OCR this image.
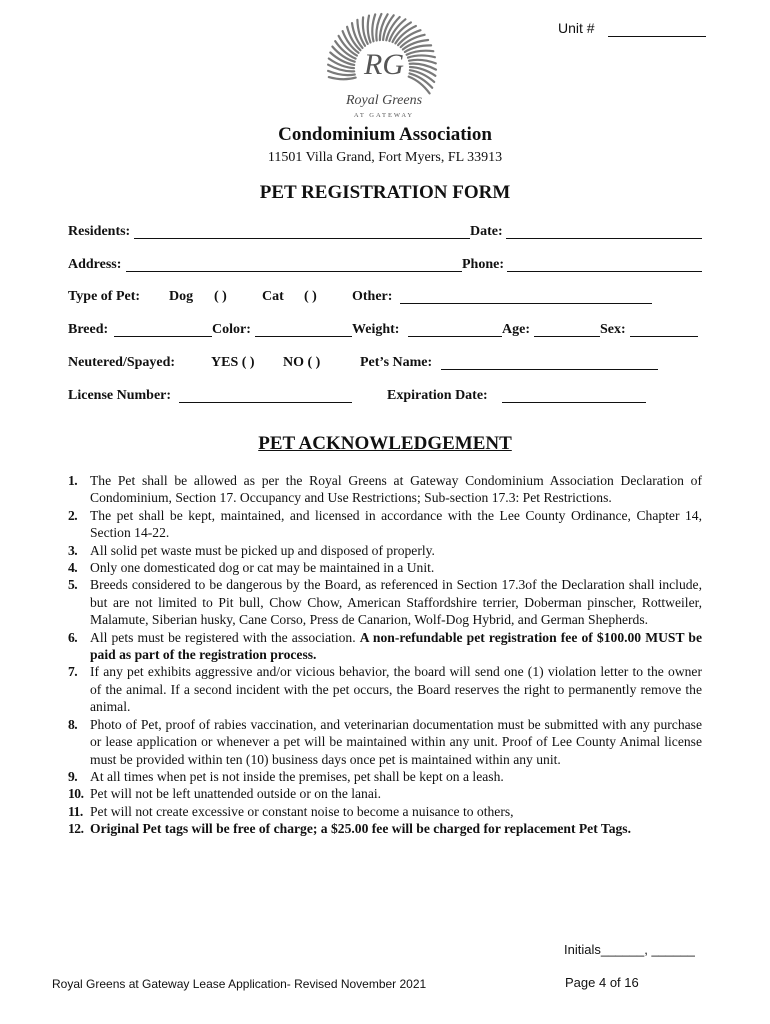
Unit #
RG
Royal Greens
AT GATEWAY
Condominium Association
11501 Villa Grand, Fort Myers, FL 33913
PET REGISTRATION FORM
Residents:	Date:
Address:	Phone:
Type of Pet: Dog ( )	Cat ( )	Other:
Breed:	Color:	Weight:	Age:	Sex:
Neutered/Spayed:	YES ( ) NO ( )	Pet’s Name:
License Number:	Expiration Date:
PET ACKNOWLEDGEMENT
1. The Pet shall be allowed as per the Royal Greens at Gateway Condominium Association Declaration of Condominium, Section 17. Occupancy and Use Restrictions; Sub-section 17.3: Pet Restrictions.
2. The pet shall be kept, maintained, and licensed in accordance with the Lee County Ordinance, Chapter 14, Section 14-22.
3. All solid pet waste must be picked up and disposed of properly.
4. Only one domesticated dog or cat may be maintained in a Unit.
5. Breeds considered to be dangerous by the Board, as referenced in Section 17.3of the Declaration shall include, but are not limited to Pit bull, Chow Chow, American Staffordshire terrier, Doberman pinscher, Rottweiler, Malamute, Siberian husky, Cane Corso, Press de Canarion, Wolf-Dog Hybrid, and German Shepherds.
6. All pets must be registered with the association. A non-refundable pet registration fee of $100.00 MUST be paid as part of the registration process.
7. If any pet exhibits aggressive and/or vicious behavior, the board will send one (1) violation letter to the owner of the animal. If a second incident with the pet occurs, the Board reserves the right to permanently remove the animal.
8. Photo of Pet, proof of rabies vaccination, and veterinarian documentation must be submitted with any purchase or lease application or whenever a pet will be maintained within any unit. Proof of Lee County Animal license must be provided within ten (10) business days once pet is maintained within any unit.
9. At all times when pet is not inside the premises, pet shall be kept on a leash.
10. Pet will not be left unattended outside or on the lanai.
11. Pet will not create excessive or constant noise to become a nuisance to others,
12. Original Pet tags will be free of charge; a $25.00 fee will be charged for replacement Pet Tags.
Initials______, ______
Royal Greens at Gateway Lease Application- Revised November 2021	Page 4 of 16
